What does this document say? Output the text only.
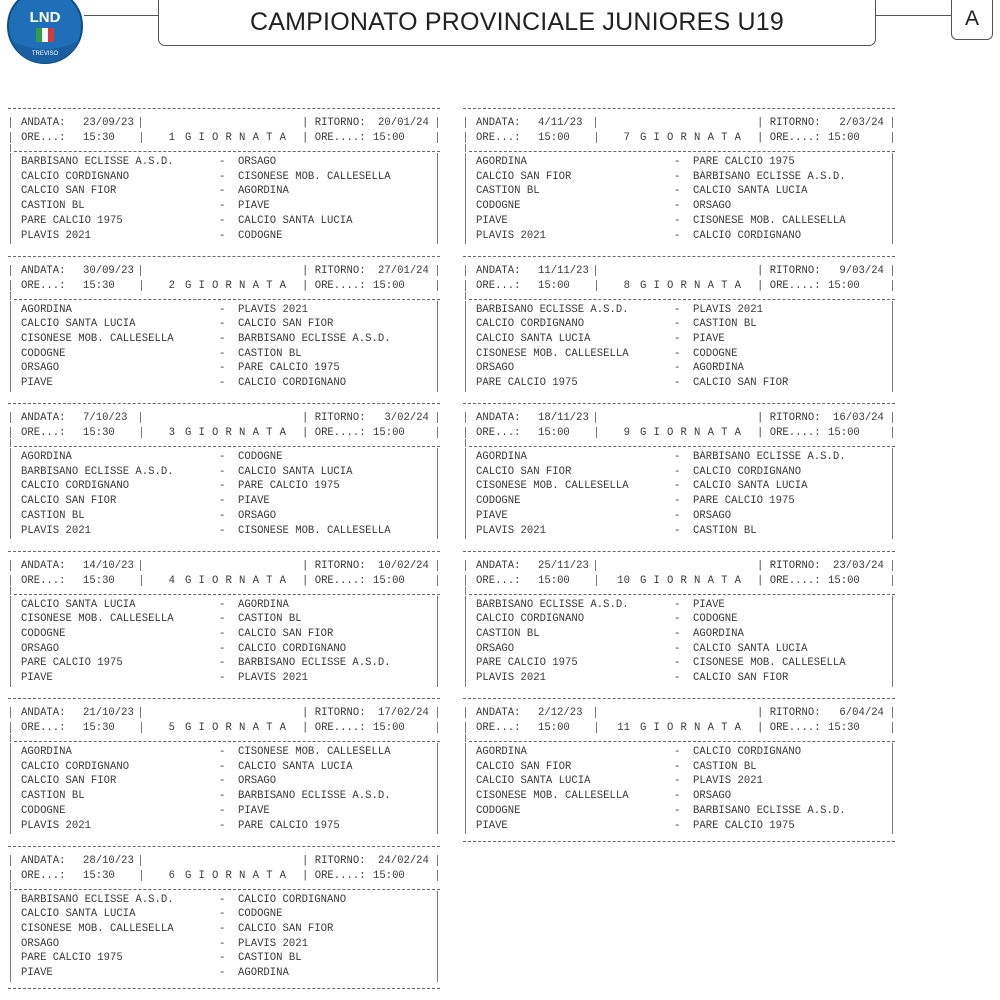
LND
TREVISO
CAMPIONATO PROVINCIALE JUNIORES U19	A
ANDATA: 23/09/23	| RITORNO: 20/01/24
ORE...: 15:30	1 G I O R N A T A | ORE....: 15:00
BARBISANO ECLISSE A.S.D.	- ORSAGO
CALCIO CORDIGNANO	- CISONESE MOB. CALLESELLA
CALCIO SAN FIOR	- AGORDINA
CASTION BL	- PIAVE
PARE CALCIO 1975	- CALCIO SANTA LUCIA
PLAVIS 2021	- CODOGNE
ANDATA: 30/09/23	| RITORNO: 27/01/24
ORE...: 15:30	2 G I O R N A T A | ORE....: 15:00
AGORDINA	- PLAVIS 2021
CALCIO SANTA LUCIA	- CALCIO SAN FIOR
CISONESE MOB. CALLESELLA	- BARBISANO ECLISSE A.S.D.
CODOGNE	- CASTION BL
ORSAGO	- PARE CALCIO 1975
PIAVE	- CALCIO CORDIGNANO
ANDATA: 7/10/23	| RITORNO: 3/02/24
ORE...: 15:30	3 G I O R N A T A | ORE....: 15:00
AGORDINA	- CODOGNE
BARBISANO ECLISSE A.S.D.	- CALCIO SANTA LUCIA
CALCIO CORDIGNANO	- PARE CALCIO 1975
CALCIO SAN FIOR	- PIAVE
CASTION BL	- ORSAGO
PLAVIS 2021	- CISONESE MOB. CALLESELLA
ANDATA: 14/10/23	| RITORNO: 10/02/24
ORE...: 15:30	4 G I O R N A T A | ORE....: 15:00
CALCIO SANTA LUCIA	- AGORDINA
CISONESE MOB. CALLESELLA	- CASTION BL
CODOGNE	- CALCIO SAN FIOR
ORSAGO	- CALCIO CORDIGNANO
PARE CALCIO 1975	- BARBISANO ECLISSE A.S.D.
PIAVE	- PLAVIS 2021
ANDATA: 21/10/23	| RITORNO: 17/02/24
ORE...: 15:30	5 G I O R N A T A | ORE....: 15:00
AGORDINA	- CISONESE MOB. CALLESELLA
CALCIO CORDIGNANO	- CALCIO SANTA LUCIA
CALCIO SAN FIOR	- ORSAGO
CASTION BL	- BARBISANO ECLISSE A.S.D.
CODOGNE	- PIAVE
PLAVIS 2021	- PARE CALCIO 1975
ANDATA: 28/10/23	| RITORNO: 24/02/24
ORE...: 15:30	6 G I O R N A T A | ORE....: 15:00
BARBISANO ECLISSE A.S.D.	- CALCIO CORDIGNANO
CALCIO SANTA LUCIA	- CODOGNE
CISONESE MOB. CALLESELLA	- CALCIO SAN FIOR
ORSAGO	- PLAVIS 2021
PARE CALCIO 1975	- CASTION BL
PIAVE	- AGORDINA
ANDATA: 4/11/23	| RITORNO: 2/03/24
ORE...: 15:00	7 G I O R N A T A | ORE....: 15:00
AGORDINA	- PARE CALCIO 1975
CALCIO SAN FIOR	- BARBISANO ECLISSE A.S.D.
CASTION BL	- CALCIO SANTA LUCIA
CODOGNE	- ORSAGO
PIAVE	- CISONESE MOB. CALLESELLA
PLAVIS 2021	- CALCIO CORDIGNANO
ANDATA: 11/11/23	| RITORNO: 9/03/24
ORE...: 15:00	8 G I O R N A T A | ORE....: 15:00
BARBISANO ECLISSE A.S.D.	- PLAVIS 2021
CALCIO CORDIGNANO	- CASTION BL
CALCIO SANTA LUCIA	- PIAVE
CISONESE MOB. CALLESELLA	- CODOGNE
ORSAGO	- AGORDINA
PARE CALCIO 1975	- CALCIO SAN FIOR
ANDATA: 18/11/23	| RITORNO: 16/03/24
ORE...: 15:00	9 G I O R N A T A | ORE....: 15:00
AGORDINA	- BARBISANO ECLISSE A.S.D.
CALCIO SAN FIOR	- CALCIO CORDIGNANO
CISONESE MOB. CALLESELLA	- CALCIO SANTA LUCIA
CODOGNE	- PARE CALCIO 1975
PIAVE	- ORSAGO
PLAVIS 2021	- CASTION BL
ANDATA: 25/11/23	| RITORNO: 23/03/24
ORE...: 15:00	10 G I O R N A T A | ORE....: 15:00
BARBISANO ECLISSE A.S.D.	- PIAVE
CALCIO CORDIGNANO	- CODOGNE
CASTION BL	- AGORDINA
ORSAGO	- CALCIO SANTA LUCIA
PARE CALCIO 1975	- CISONESE MOB. CALLESELLA
PLAVIS 2021	- CALCIO SAN FIOR
ANDATA: 2/12/23	| RITORNO: 6/04/24
ORE...: 15:00	11 G I O R N A T A | ORE....: 15:30
AGORDINA	- CALCIO CORDIGNANO
CALCIO SAN FIOR	- CASTION BL
CALCIO SANTA LUCIA	- PLAVIS 2021
CISONESE MOB. CALLESELLA	- ORSAGO
CODOGNE	- BARBISANO ECLISSE A.S.D.
PIAVE	- PARE CALCIO 1975
